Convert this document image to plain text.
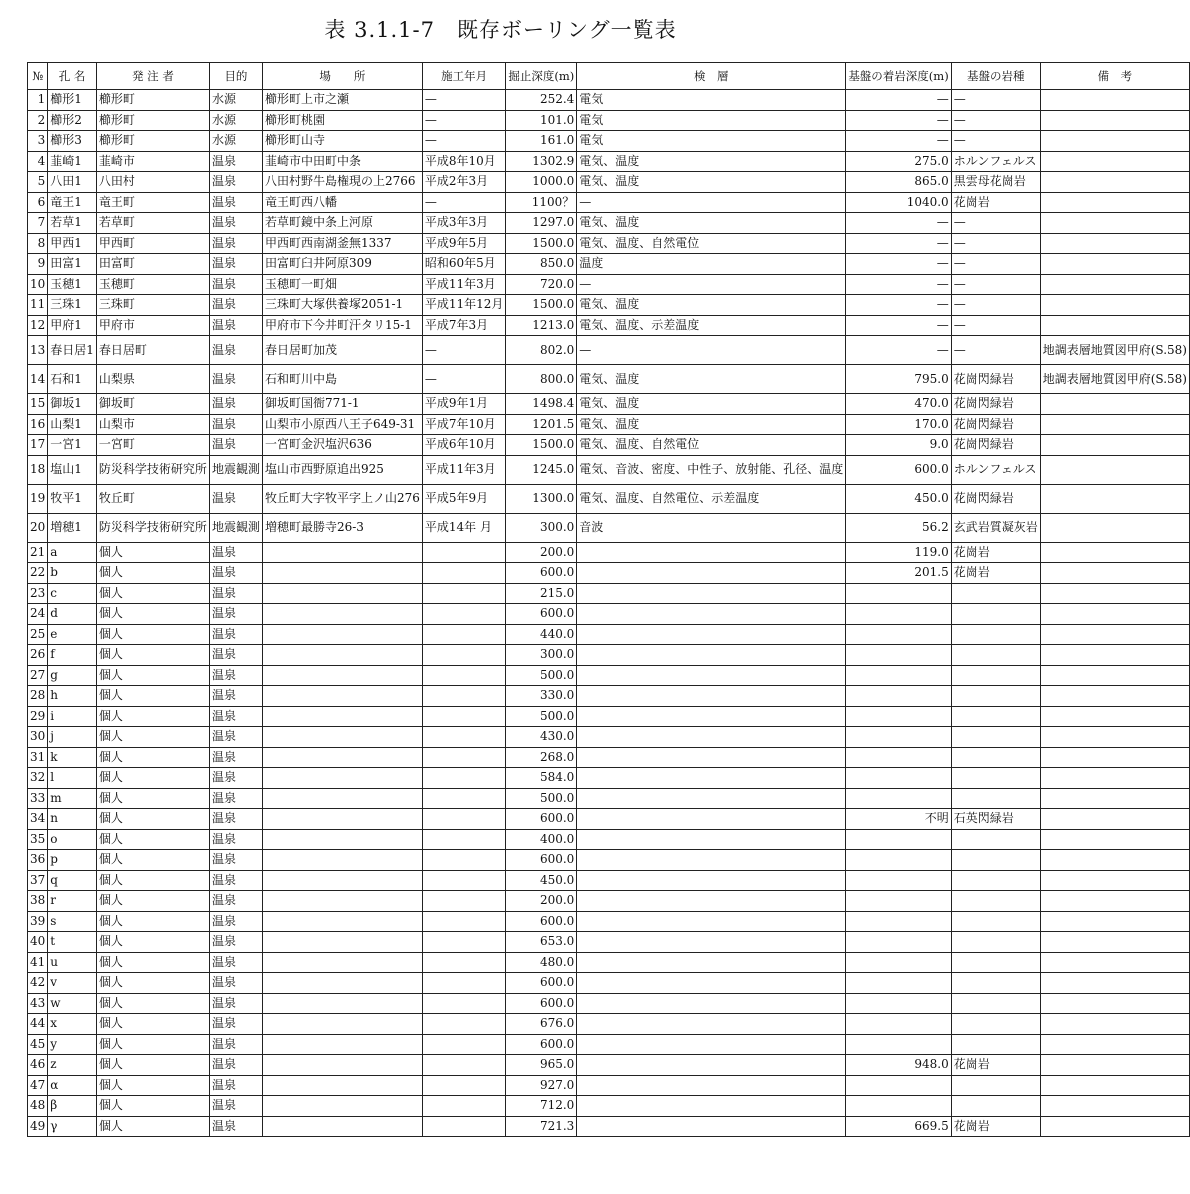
表 3.1.1-7　既存ボーリング一覧表
№	孔 名	発 注 者	目的	場　　所	施工年月	掘止深度(m)	検　層	基盤の着岩深度(m)	基盤の岩種	備　考
1	櫛形1	櫛形町	水源	櫛形町上市之瀬	—	252.4	電気	—	—	
2	櫛形2	櫛形町	水源	櫛形町桃園	—	101.0	電気	—	—	
3	櫛形3	櫛形町	水源	櫛形町山寺	—	161.0	電気	—	—	
4	韮崎1	韮崎市	温泉	韮崎市中田町中条	平成8年10月	1302.9	電気、温度	275.0	ホルンフェルス	
5	八田1	八田村	温泉	八田村野牛島権現の上2766	平成2年3月	1000.0	電気、温度	865.0	黒雲母花崗岩	
6	竜王1	竜王町	温泉	竜王町西八幡	—	1100？	—	1040.0	花崗岩	
7	若草1	若草町	温泉	若草町鏡中条上河原	平成3年3月	1297.0	電気、温度	—	—	
8	甲西1	甲西町	温泉	甲西町西南湖釜無1337	平成9年5月	1500.0	電気、温度、自然電位	—	—	
9	田富1	田富町	温泉	田富町臼井阿原309	昭和60年5月	850.0	温度	—	—	
10	玉穂1	玉穂町	温泉	玉穂町一町畑	平成11年3月	720.0	—	—	—	
11	三珠1	三珠町	温泉	三珠町大塚供養塚2051-1	平成11年12月	1500.0	電気、温度	—	—	
12	甲府1	甲府市	温泉	甲府市下今井町汗タリ15-1	平成7年3月	1213.0	電気、温度、示差温度	—	—	
13	春日居1	春日居町	温泉	春日居町加茂	—	802.0	—	—	—	地調表層地質図甲府(S.58)
14	石和1	山梨県	温泉	石和町川中島	—	800.0	電気、温度	795.0	花崗閃緑岩	地調表層地質図甲府(S.58)
15	御坂1	御坂町	温泉	御坂町国衙771-1	平成9年1月	1498.4	電気、温度	470.0	花崗閃緑岩	
16	山梨1	山梨市	温泉	山梨市小原西八王子649-31	平成7年10月	1201.5	電気、温度	170.0	花崗閃緑岩	
17	一宮1	一宮町	温泉	一宮町金沢塩沢636	平成6年10月	1500.0	電気、温度、自然電位	9.0	花崗閃緑岩	
18	塩山1	防災科学技術研究所	地震観測	塩山市西野原追出925	平成11年3月	1245.0	電気、音波、密度、中性子、放射能、孔径、温度	600.0	ホルンフェルス	
19	牧平1	牧丘町	温泉	牧丘町大字牧平字上ノ山276	平成5年9月	1300.0	電気、温度、自然電位、示差温度	450.0	花崗閃緑岩	
20	増穂1	防災科学技術研究所	地震観測	増穂町最勝寺26-3	平成14年 月	300.0	音波	56.2	玄武岩質凝灰岩	
21	a	個人	温泉			200.0		119.0	花崗岩	
22	b	個人	温泉			600.0		201.5	花崗岩	
23	c	個人	温泉			215.0				
24	d	個人	温泉			600.0				
25	e	個人	温泉			440.0				
26	f	個人	温泉			300.0				
27	g	個人	温泉			500.0				
28	h	個人	温泉			330.0				
29	i	個人	温泉			500.0				
30	j	個人	温泉			430.0				
31	k	個人	温泉			268.0				
32	l	個人	温泉			584.0				
33	m	個人	温泉			500.0				
34	n	個人	温泉			600.0		不明	石英閃緑岩	
35	o	個人	温泉			400.0				
36	p	個人	温泉			600.0				
37	q	個人	温泉			450.0				
38	r	個人	温泉			200.0				
39	s	個人	温泉			600.0				
40	t	個人	温泉			653.0				
41	u	個人	温泉			480.0				
42	v	個人	温泉			600.0				
43	w	個人	温泉			600.0				
44	x	個人	温泉			676.0				
45	y	個人	温泉			600.0				
46	z	個人	温泉			965.0		948.0	花崗岩	
47	α	個人	温泉			927.0				
48	β	個人	温泉			712.0				
49	γ	個人	温泉			721.3		669.5	花崗岩	
